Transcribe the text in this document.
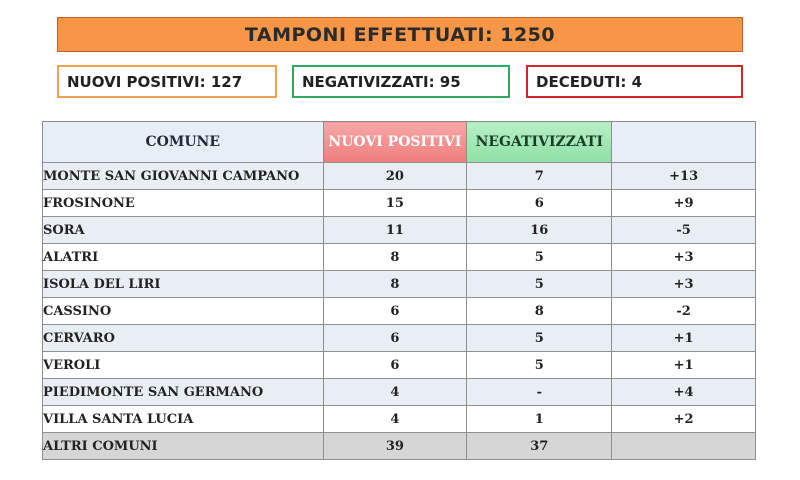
TAMPONI EFFETTUATI: 1250
NUOVI POSITIVI: 127	NEGATIVIZZATI: 95	DECEDUTI: 4
COMUNE	NUOVI POSITIVI	NEGATIVIZZATI	
MONTE SAN GIOVANNI CAMPANO	20	7	+13
FROSINONE	15	6	+9
SORA	11	16	-5
ALATRI	8	5	+3
ISOLA DEL LIRI	8	5	+3
CASSINO	6	8	-2
CERVARO	6	5	+1
VEROLI	6	5	+1
PIEDIMONTE SAN GERMANO	4	-	+4
VILLA SANTA LUCIA	4	1	+2
ALTRI COMUNI	39	37	
